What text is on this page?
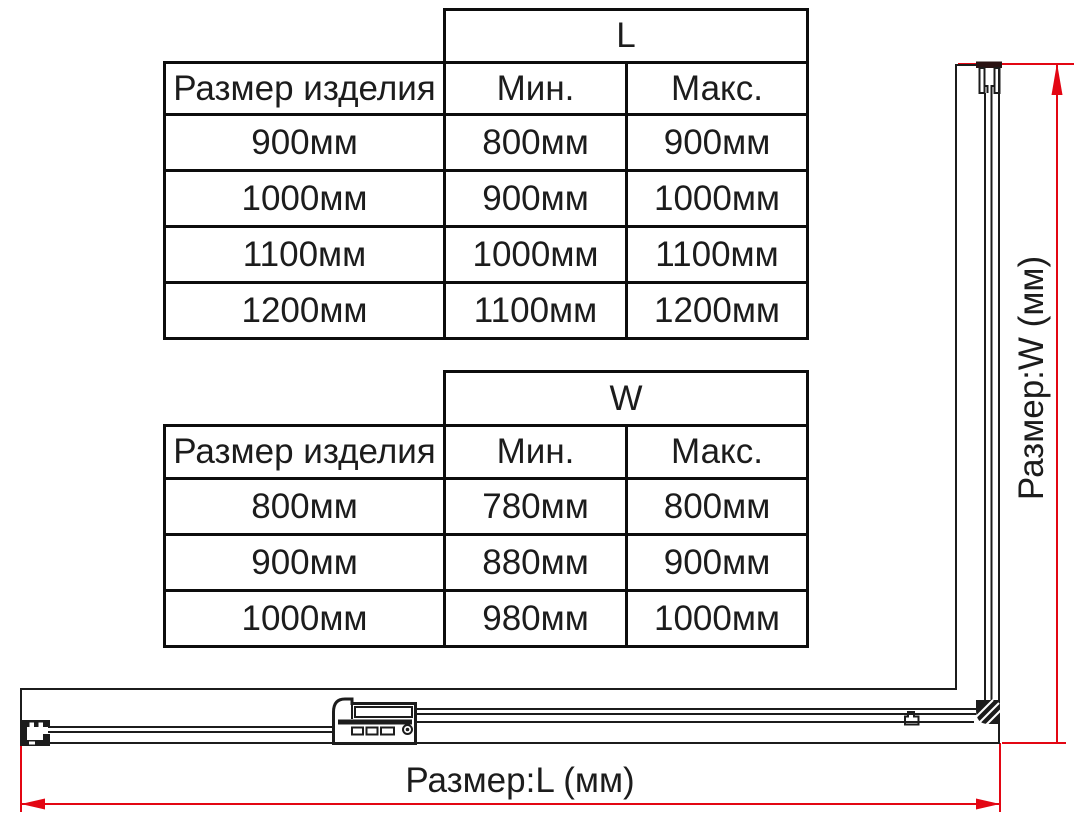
	L	
Размер изделия	Мин.	Макс.
900мм	800мм	900мм
1000мм	900мм	1000мм
1100мм	1000мм	1100мм
1200мм	1100мм	1200мм
	W	
Размер изделия	Мин.	Макс.
800мм	780мм	800мм
900мм	880мм	900мм
1000мм	980мм	1000мм
Размер:L (мм)
Размер:W (мм)
